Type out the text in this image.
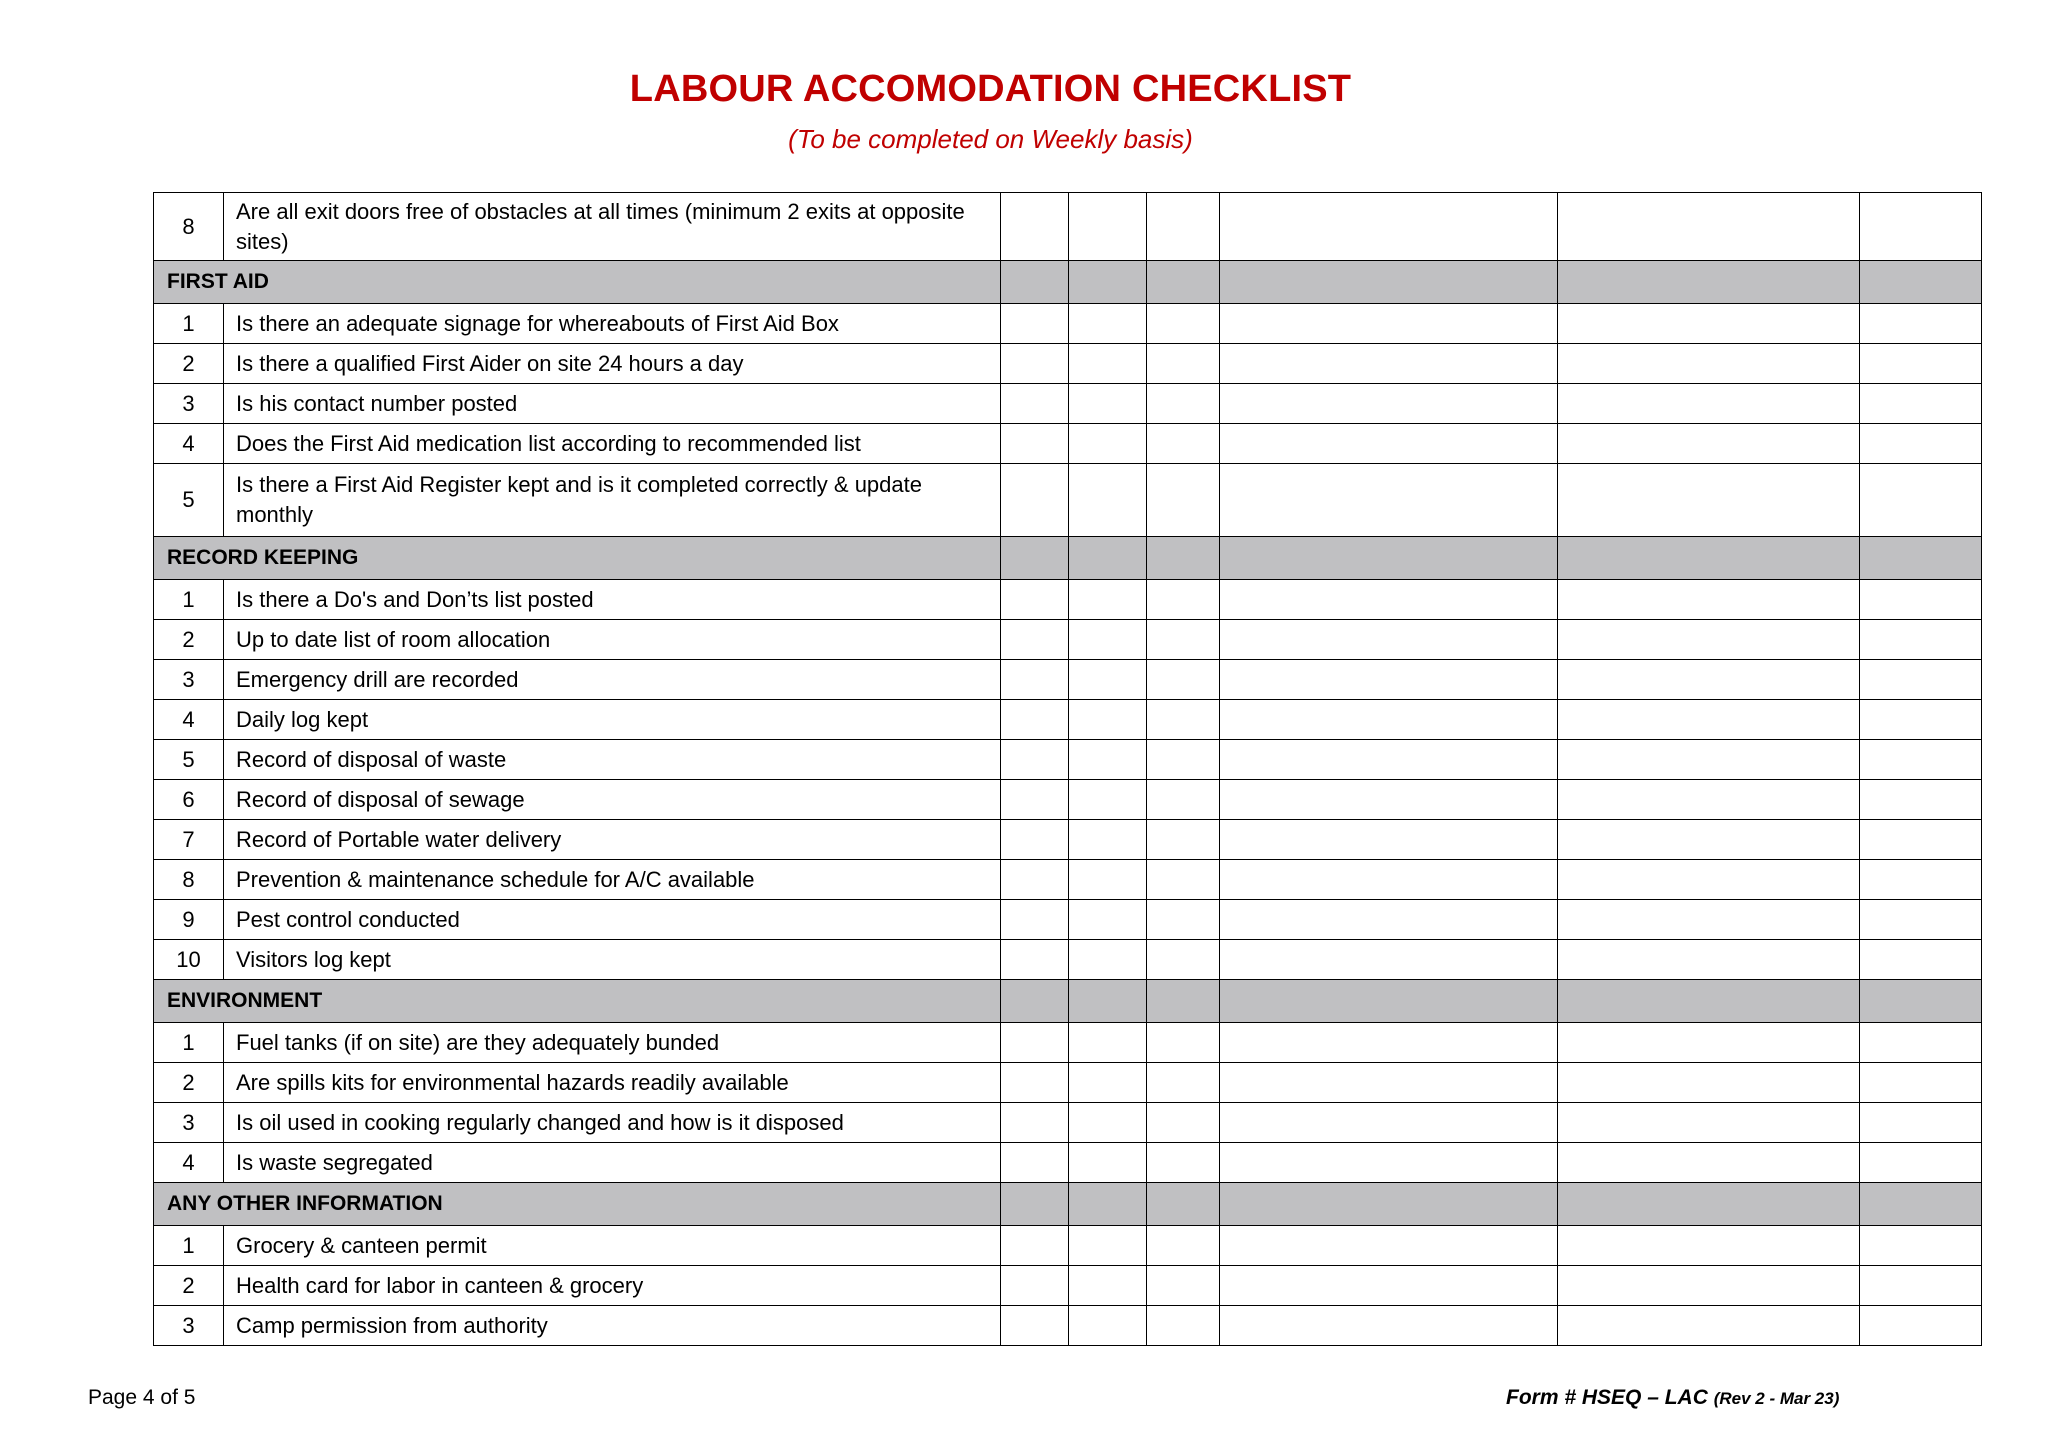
LABOUR ACCOMODATION CHECKLIST
(To be completed on Weekly basis)
8	Are all exit doors free of obstacles at all times (minimum 2 exits at opposite sites)						
FIRST AID							
1	Is there an adequate signage for whereabouts of First Aid Box						
2	Is there a qualified First Aider on site 24 hours a day						
3	Is his contact number posted						
4	Does the First Aid medication list according to recommended list						
5	Is there a First Aid Register kept and is it completed correctly & update monthly						
RECORD KEEPING							
1	Is there a Do's and Don’ts list posted						
2	Up to date list of room allocation						
3	Emergency drill are recorded						
4	Daily log kept						
5	Record of disposal of waste						
6	Record of disposal of sewage						
7	Record of Portable water delivery						
8	Prevention & maintenance schedule for A/C available						
9	Pest control conducted						
10	Visitors log kept						
ENVIRONMENT							
1	Fuel tanks (if on site) are they adequately bunded						
2	Are spills kits for environmental hazards readily available						
3	Is oil used in cooking regularly changed and how is it disposed						
4	Is waste segregated						
ANY OTHER INFORMATION							
1	Grocery & canteen permit						
2	Health card for labor in canteen & grocery						
3	Camp permission from authority						
Page 4 of 5	Form # HSEQ – LAC (Rev 2 - Mar 23)
